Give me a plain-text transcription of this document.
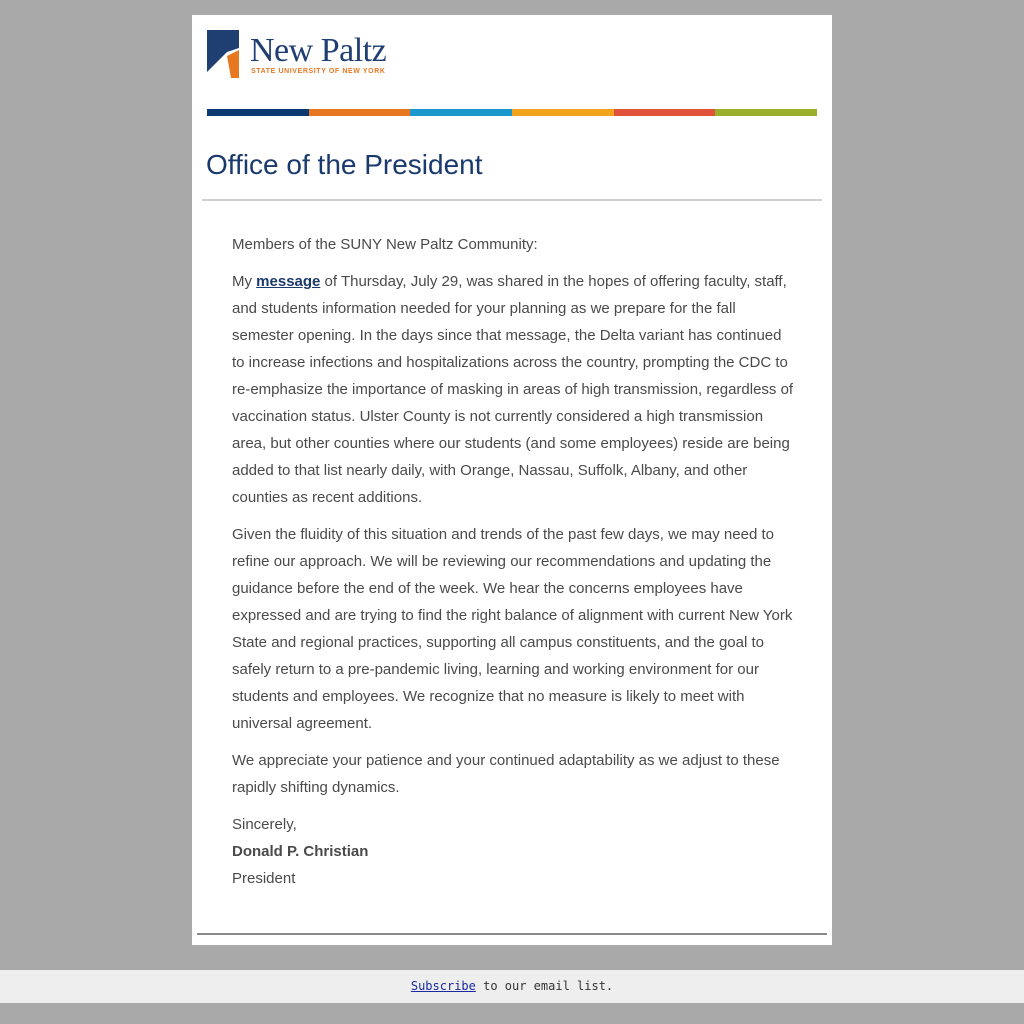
New Paltz
STATE UNIVERSITY OF NEW YORK
Office of the President

Members of the SUNY New Paltz Community:

My message of Thursday, July 29, was shared in the hopes of offering faculty, staff, and students information needed for your planning as we prepare for the fall semester opening. In the days since that message, the Delta variant has continued to increase infections and hospitalizations across the country, prompting the CDC to re-emphasize the importance of masking in areas of high transmission, regardless of vaccination status. Ulster County is not currently considered a high transmission area, but other counties where our students (and some employees) reside are being added to that list nearly daily, with Orange, Nassau, Suffolk, Albany, and other counties as recent additions.

Given the fluidity of this situation and trends of the past few days, we may need to refine our approach. We will be reviewing our recommendations and updating the guidance before the end of the week. We hear the concerns employees have expressed and are trying to find the right balance of alignment with current New York State and regional practices, supporting all campus constituents, and the goal to safely return to a pre-pandemic living, learning and working environment for our students and employees. We recognize that no measure is likely to meet with universal agreement.

We appreciate your patience and your continued adaptability as we adjust to these rapidly shifting dynamics.

Sincerely,
Donald P. Christian
President
Subscribe to our email list.
